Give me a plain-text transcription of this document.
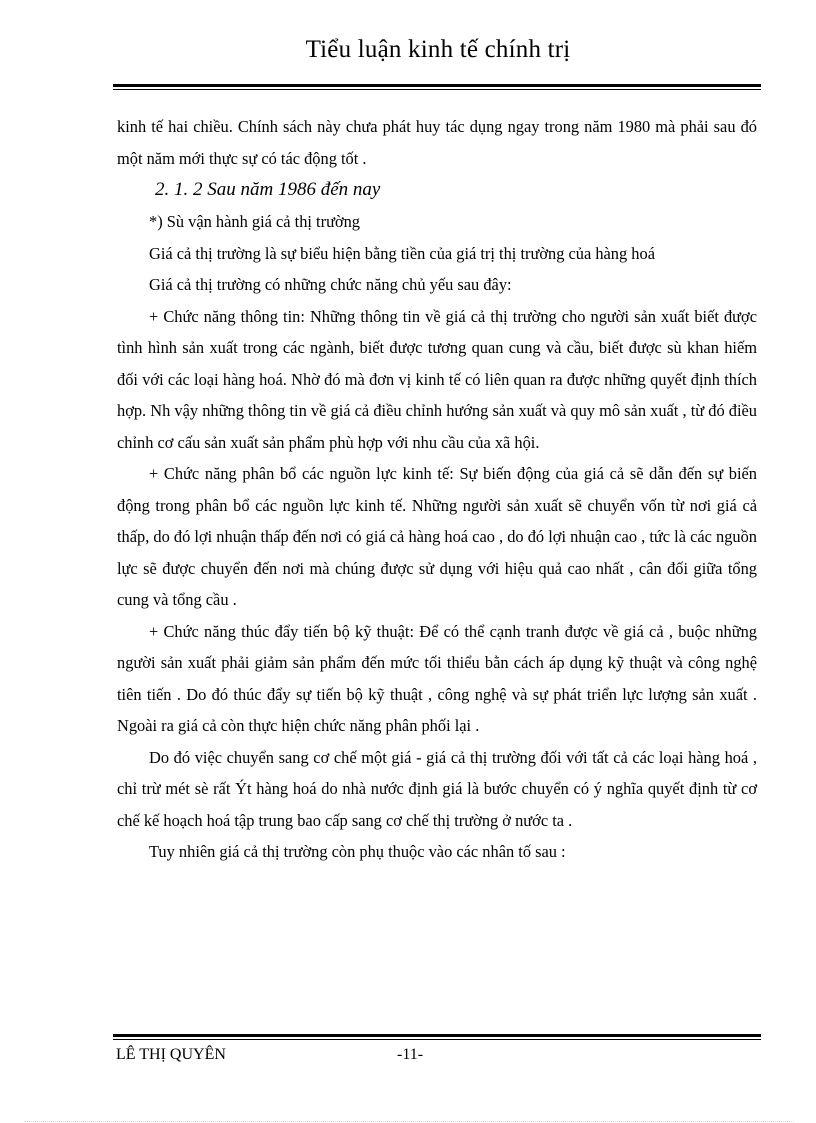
Tiểu luận kinh tế chính trị

kinh tế hai chiều. Chính sách này chưa phát huy tác dụng ngay trong năm 1980 mà phải sau đó một năm mới thực sự có tác động tốt .

2. 1. 2 Sau năm 1986 đến nay

*) Sù vận hành giá cả thị trường

Giá cả thị trường là sự biểu hiện bằng tiền của giá trị thị trường của hàng hoá

Giá cả thị trường có những chức năng chủ yếu sau đây:

+ Chức năng thông tin: Những thông tin về giá cả thị trường cho người sản xuất biết được tình hình sản xuất trong các ngành, biết được tương quan cung và cầu, biết được sù khan hiếm đối với các loại hàng hoá. Nhờ đó mà đơn vị kinh tế có liên quan ra được những quyết định thích hợp. Nh vậy những thông tin về giá cả điều chỉnh hướng sản xuất và quy mô sản xuất , từ đó điều chỉnh cơ cấu sản xuất sản phẩm phù hợp với nhu cầu của xã hội.

+ Chức năng phân bổ các nguồn lực kinh tế: Sự biến động của giá cả sẽ dẫn đến sự biến động trong phân bổ các nguồn lực kinh tế. Những người sản xuất sẽ chuyển vốn từ nơi giá cả thấp, do đó lợi nhuận thấp đến nơi có giá cả hàng hoá cao , do đó lợi nhuận cao , tức là các nguồn lực sẽ được chuyển đến nơi mà chúng được sử dụng với hiệu quả cao nhất , cân đối giữa tổng cung và tổng cầu .

+ Chức năng thúc đẩy tiến bộ kỹ thuật: Để có thể cạnh tranh được về giá cả , buộc những người sản xuất phải giảm sản phẩm đến mức tối thiểu bằn cách áp dụng kỹ thuật và công nghệ tiên tiến . Do đó thúc đẩy sự tiến bộ kỹ thuật , công nghệ và sự phát triển lực lượng sản xuất . Ngoài ra giá cả còn thực hiện chức năng phân phối lại .

Do đó việc chuyển sang cơ chế một giá - giá cả thị trường đối với tất cả các loại hàng hoá , chỉ trừ mét sè rất Ýt hàng hoá do nhà nước định giá là bước chuyển có ý nghĩa quyết định từ cơ chế kế hoạch hoá tập trung bao cấp sang cơ chế thị trường ở nước ta .

Tuy nhiên giá cả thị trường còn phụ thuộc vào các nhân tố sau :

LÊ THỊ QUYÊN	-11-
